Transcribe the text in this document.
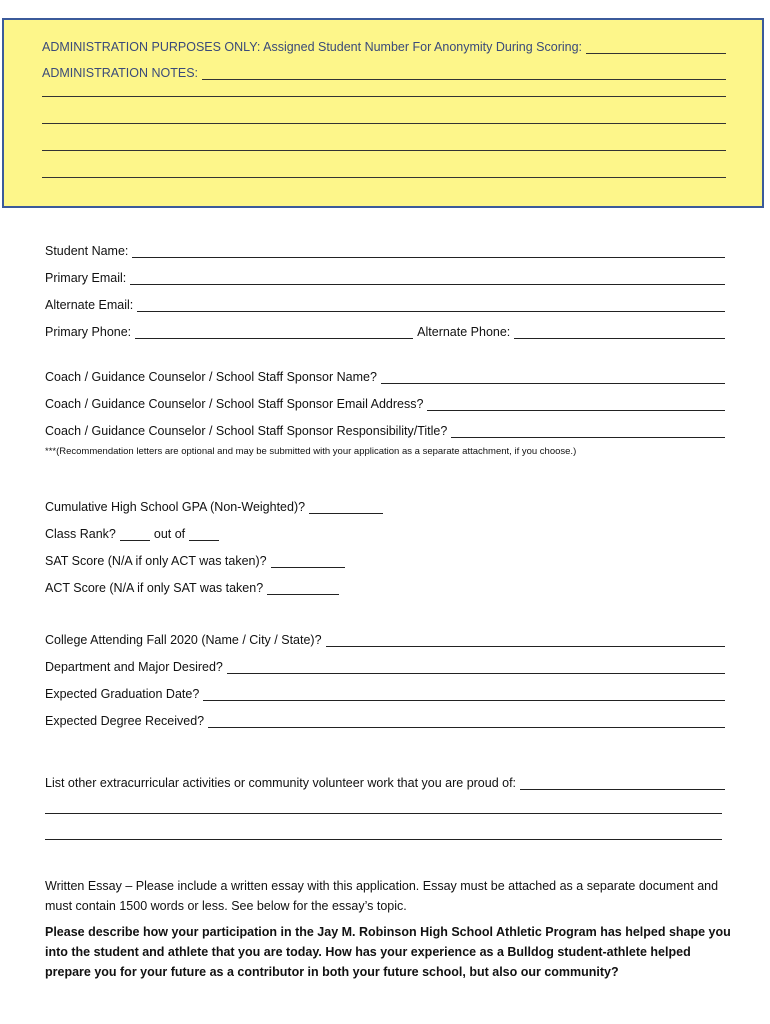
ADMINISTRATION PURPOSES ONLY: Assigned Student Number For Anonymity During Scoring:
ADMINISTRATION NOTES:
Student Name:
Primary Email:
Alternate Email:
Primary Phone:	Alternate Phone:
Coach / Guidance Counselor / School Staff Sponsor Name?
Coach / Guidance Counselor / School Staff Sponsor Email Address?
Coach / Guidance Counselor / School Staff Sponsor Responsibility/Title?
***(Recommendation letters are optional and may be submitted with your application as a separate attachment, if you choose.)
Cumulative High School GPA (Non-Weighted)?
Class Rank?	out of
SAT Score (N/A if only ACT was taken)?
ACT Score (N/A if only SAT was taken?
College Attending Fall 2020 (Name / City / State)?
Department and Major Desired?
Expected Graduation Date?
Expected Degree Received?
List other extracurricular activities or community volunteer work that you are proud of:
Written Essay – Please include a written essay with this application. Essay must be attached as a separate document and must contain 1500 words or less. See below for the essay’s topic.
Please describe how your participation in the Jay M. Robinson High School Athletic Program has helped shape you into the student and athlete that you are today. How has your experience as a Bulldog student-athlete helped prepare you for your future as a contributor in both your future school, but also our community?
